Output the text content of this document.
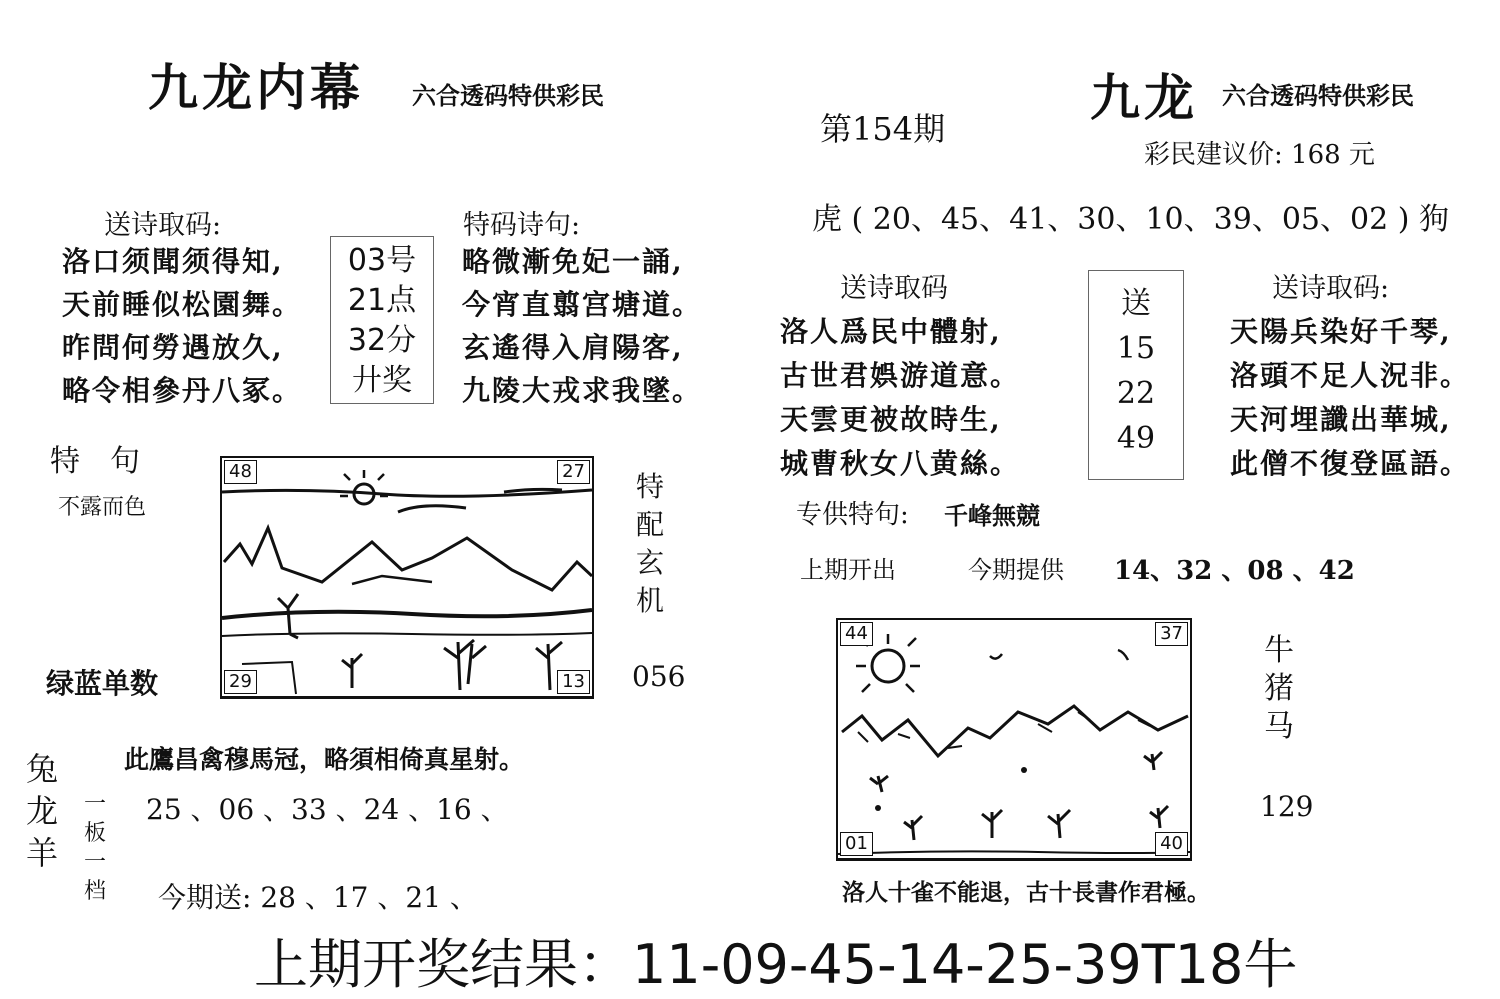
九龙内幕 六合透码特供彩民
送诗取码:
洛口须聞须得知,
天前睡似松園舞。
昨問何勞遇放久,
略令相參丹八冢。
03号
21点
32分
廾奖
特码诗句:
略微漸免妃一誦,
今宵直翦宫塘道。
玄遙得入肩陽客,
九陵大戎求我墜。
特　句
不露而色
特
配
玄
机
48	27
29	13
绿蓝单数	056
兔
龙
羊
此鷹昌禽穆馬冠，略須相倚真星射。
一
板
一
档
25 、06 、33 、24 、16 、
今期送: 28 、17 、21 、
第154期
九龙 六合透码特供彩民
彩民建议价: 168 元
虎 ( 20、45、41、30、10、39、05、02 ) 狗
送诗取码
洛人爲民中體射,
古世君娯游道意。
天雲更被故時生,
城曹秋女八黄絲。
送
15
22
49
送诗取码:
天陽兵染好千琴,
洛頭不足人況非。
天河埋讖出華城,
此僧不復登區語。
专供特句: 千峰無競
上期开出	今期提供 14、32 、08 、42
44	37
01	40
牛
猪
马
129
洛人十雀不能退，古十長書作君極。
上期开奖结果：11-09-45-14-25-39T18牛
